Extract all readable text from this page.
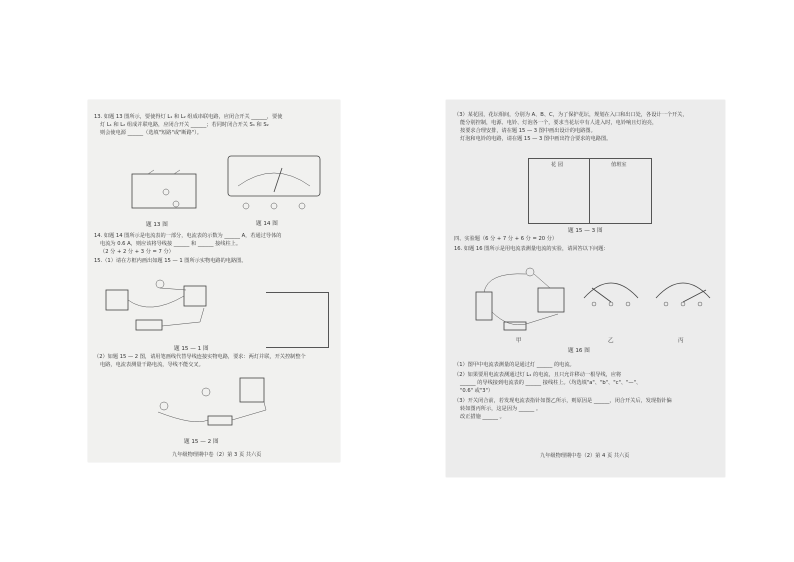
13. 如题 13 图所示，要使得灯 L₁ 和 L₂ 组成串联电路，应闭合开关 ______，要使
灯 L₁ 和 L₂ 组成并联电路，应闭合开关 ______；若同时闭合开关 S₁ 和 S₂
则会使电源 ______（选填"短路"或"断路"）。
题 13 图	题 14 图
14. 如题 14 图所示是电流表的一部分，电流表的示数为 ______ A，若通过导体的
电流为 0.6 A，则应该将导线接 ______ 和 ______ 接线柱上。
（2 分 + 2 分 + 3 分 = 7 分）
15.（1）请在方框内画出如题 15 — 1 图所示实物电路的电路图。
题 15 — 1 图
（2）如题 15 — 2 图，请用笔画线代替导线连接实物电路，要求：两灯并联，开关控制整个
电路，电流表测量干路电流，导线不能交叉。
题 15 — 2 图
九年级物理期中卷（2）第 3 页 共六页
（3）某花园，花坛相间，分别为 A、B、C，为了保护花坛，规划在入口和出口处，各设计一个开关，
能分别控制，电源、电铃、灯泡各一个，要求当花坛中有人进入时，电铃响且灯泡亮，
按要求合理安排，请在题 15 — 3 图中画出设计的电路图。
灯泡和电铃的电路，请在题 15 — 3 图中画出符合要求的电路图。
花 园	值班室
题 15 — 3 图
四、实验题（6 分 + 7 分 + 6 分 = 20 分）
16. 如题 16 图所示是用电流表测量电流的实验，请回答以下问题：
甲	乙	丙
题 16 图
（1）图甲中电流表测量的是通过灯 ______ 的电流。
（2）如果要用电流表测通过灯 L₁ 的电流，且只允许移动一根导线，应将
______ 的导线接到电流表的 ______ 接线柱上。（均选填"a"、"b"、"c"、"—"、
"0.6" 或"3"）
（3）开关闭合前，若发现电流表指针如图乙所示，则原因是 ______，闭合开关后，发现指针偏
转如图丙所示，这是因为 ______ 。
改正措施 ______ 。
九年级物理期中卷（2）第 4 页 共六页
